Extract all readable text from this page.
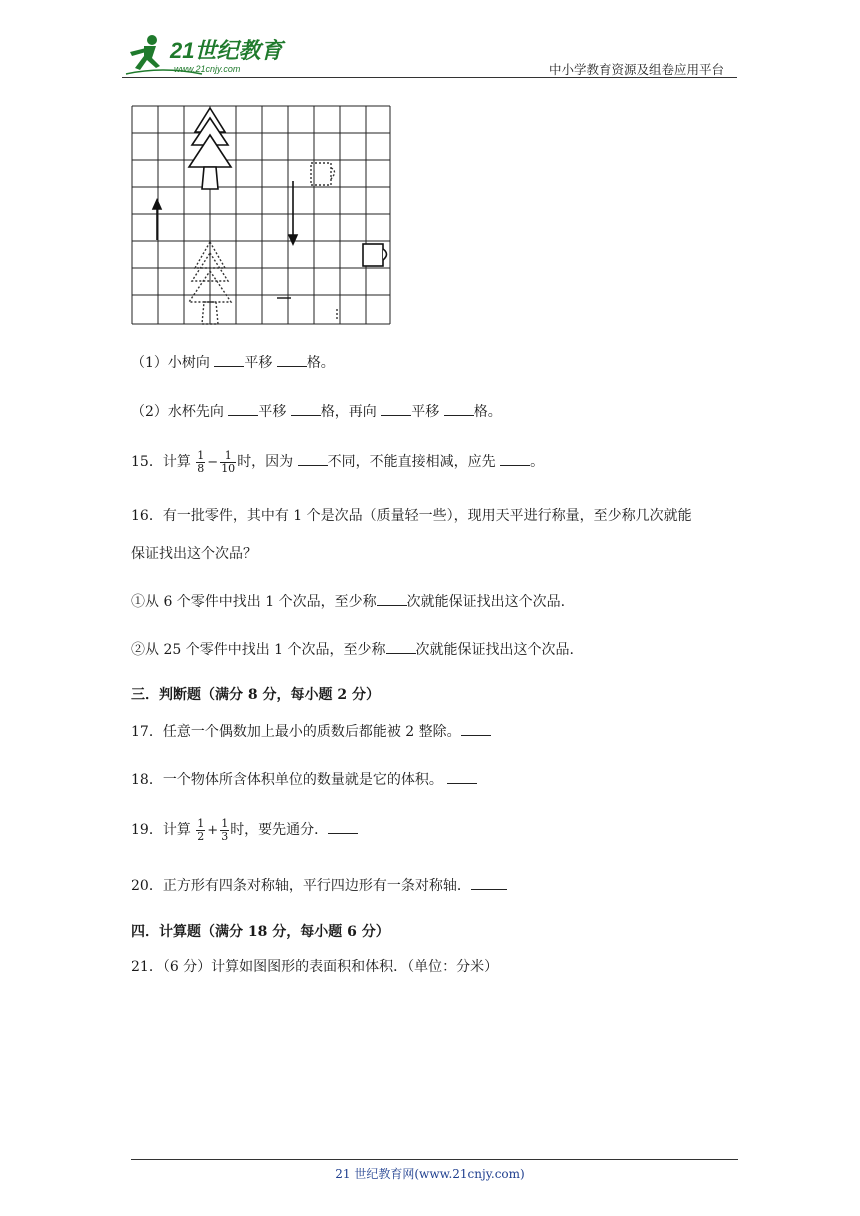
21世纪教育
www.21cnjy.com	中小学教育资源及组卷应用平台
（1）小树向 平移 格。
（2）水杯先向 平移 格，再向 平移 格。
15．计算 $\frac{1}{8} - \frac{1}{10}$ 时，因为 不同，不能直接相减，应先 。
16．有一批零件，其中有 1 个是次品（质量轻一些），现用天平进行称量，至少称几次就能
保证找出这个次品？
①从 6 个零件中找出 1 个次品，至少称 次就能保证找出这个次品.
②从 25 个零件中找出 1 个次品，至少称 次就能保证找出这个次品.
三．判断题（满分 8 分，每小题 2 分）
17．任意一个偶数加上最小的质数后都能被 2 整除。
18．一个物体所含体积单位的数量就是它的体积。
19．计算 $\frac{1}{2} + \frac{1}{3}$ 时，要先通分．
20．正方形有四条对称轴，平行四边形有一条对称轴．
四．计算题（满分 18 分，每小题 6 分）
21．（6 分）计算如图图形的表面积和体积．（单位：分米）
21 世纪教育网(www.21cnjy.com)
